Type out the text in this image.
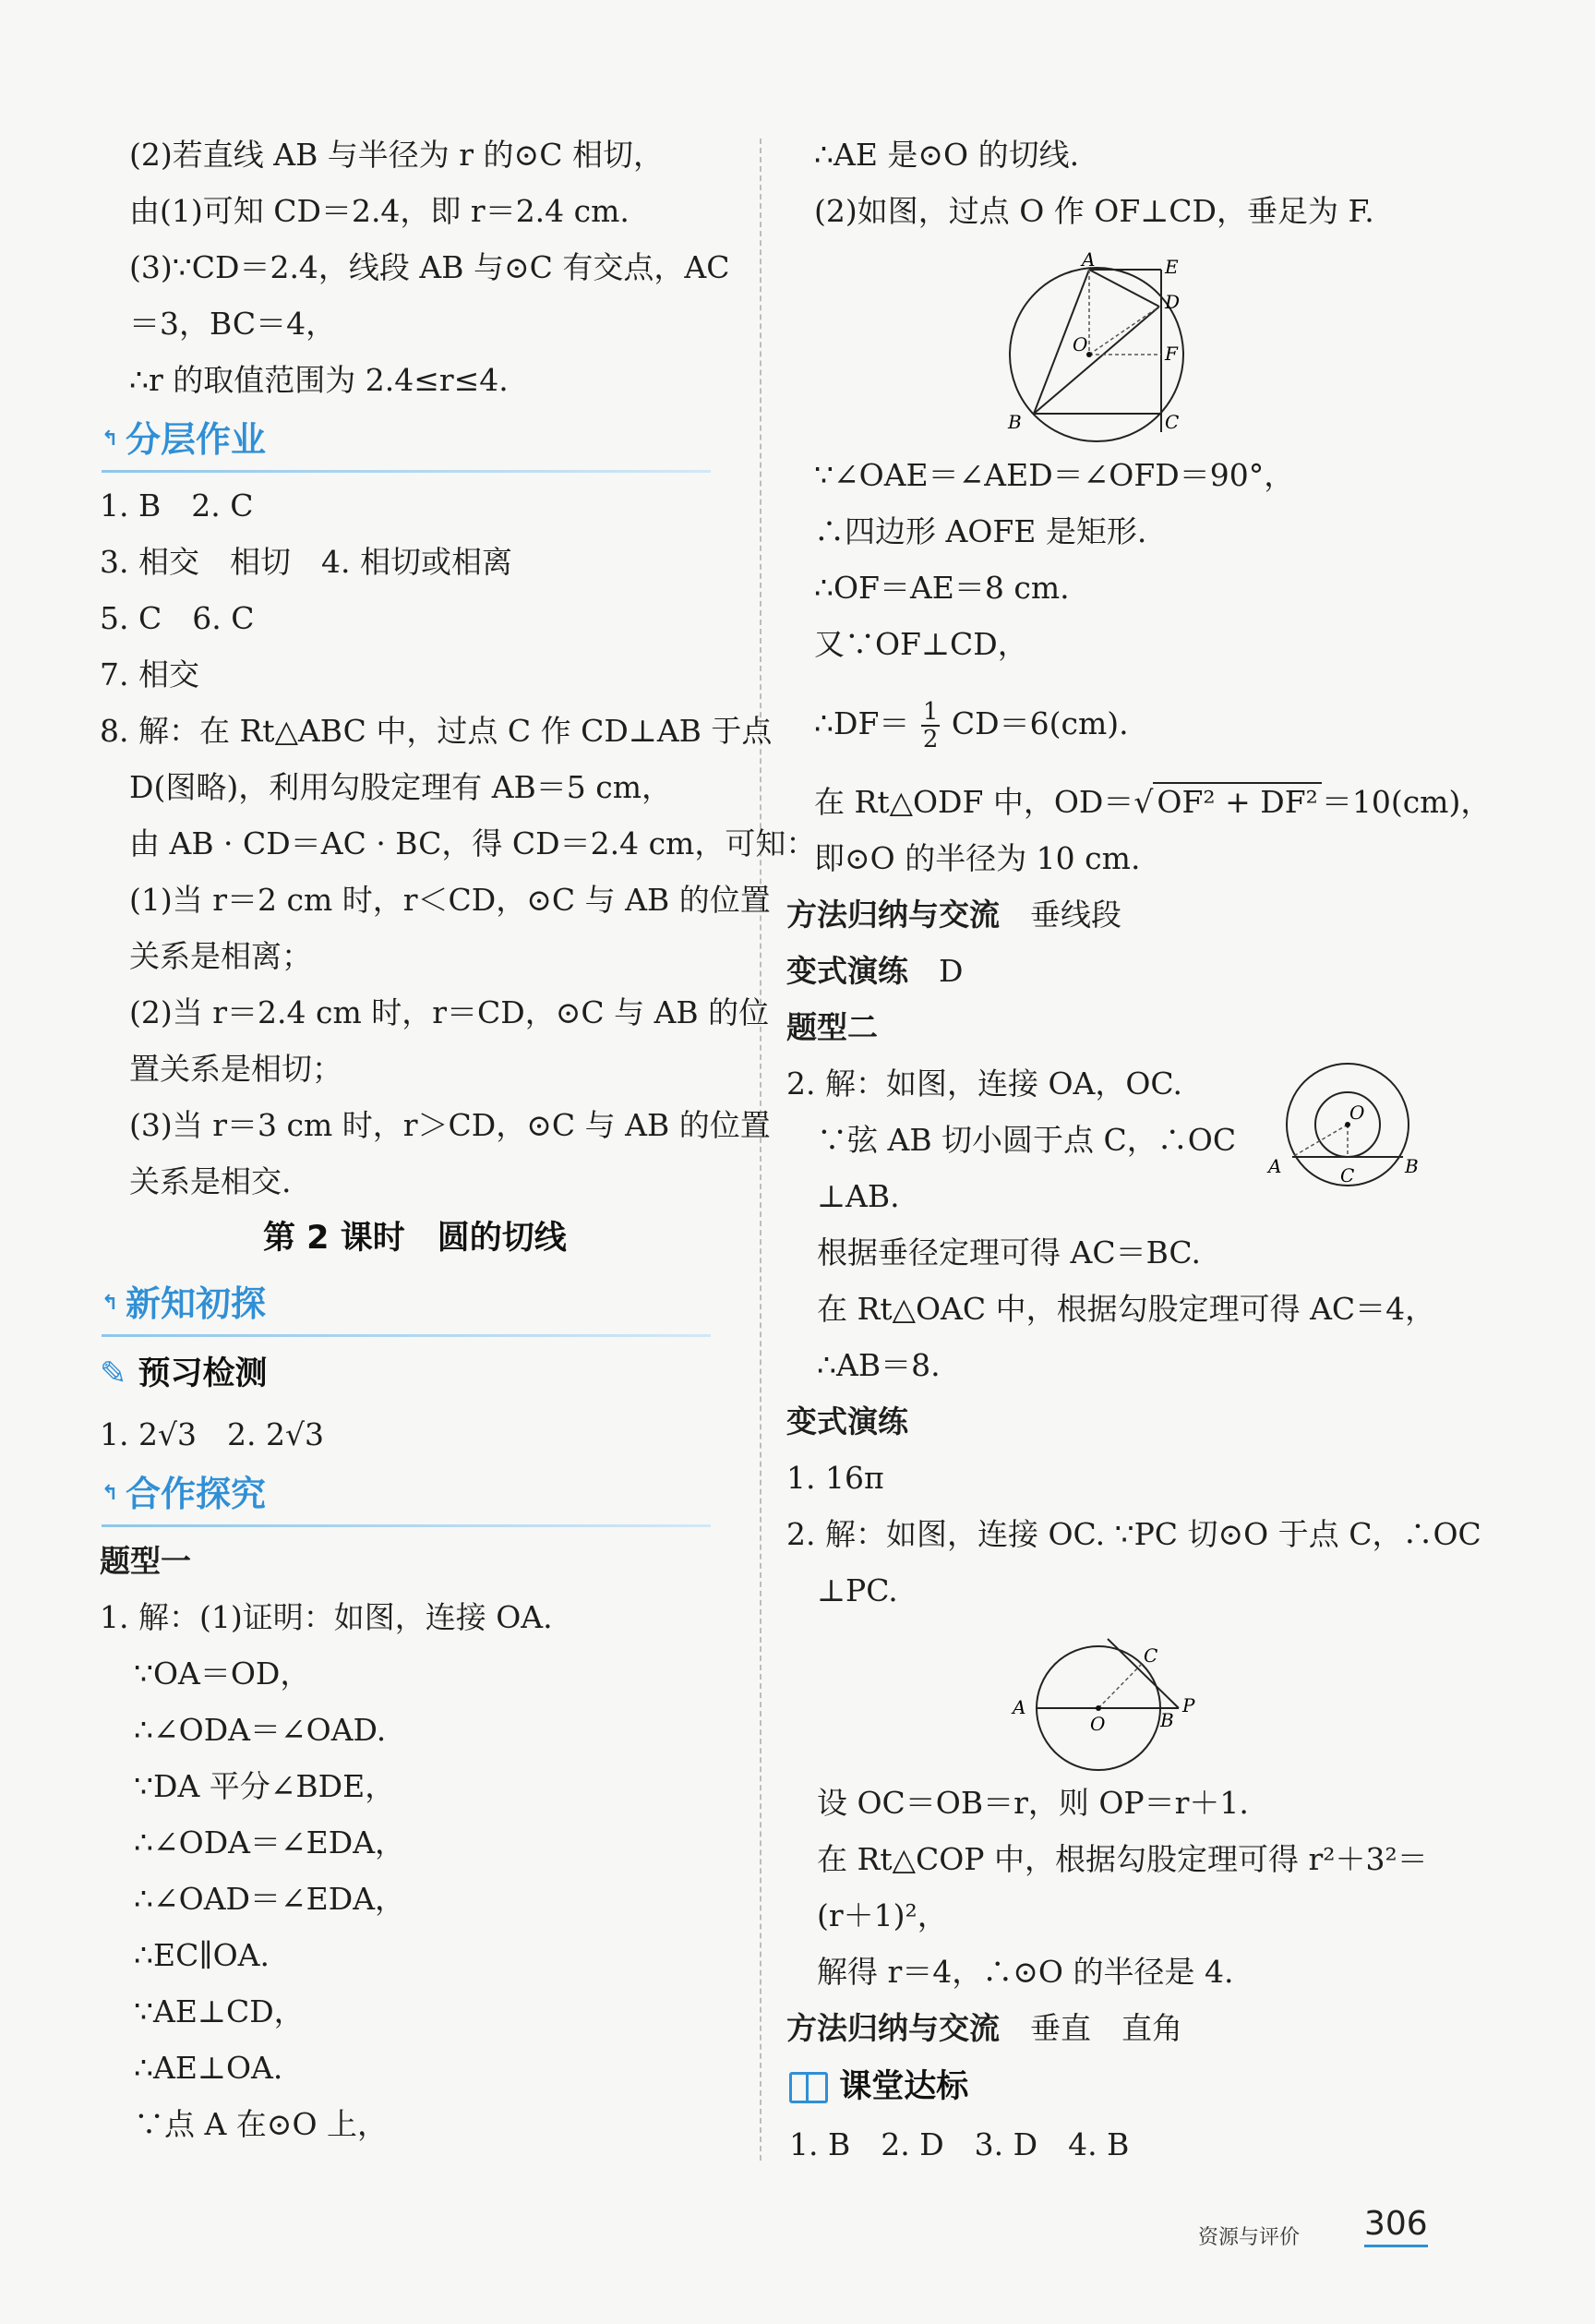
(2)若直线 AB 与半径为 r 的⊙C 相切，
由(1)可知 CD＝2.4，即 r＝2.4 cm.
(3)∵CD＝2.4，线段 AB 与⊙C 有交点，AC
＝3，BC＝4，
∴r 的取值范围为 2.4≤r≤4.
↰ 分层作业
1. B　2. C
3. 相交　相切　4. 相切或相离
5. C　6. C
7. 相交
8. 解：在 Rt△ABC 中，过点 C 作 CD⊥AB 于点
D(图略)，利用勾股定理有 AB＝5 cm，
由 AB · CD＝AC · BC，得 CD＝2.4 cm，可知：
(1)当 r＝2 cm 时，r＜CD，⊙C 与 AB 的位置
关系是相离；
(2)当 r＝2.4 cm 时，r＝CD，⊙C 与 AB 的位
置关系是相切；
(3)当 r＝3 cm 时，r＞CD，⊙C 与 AB 的位置
关系是相交.
第 2 课时　圆的切线
↰ 新知初探
✎ 预习检测
1. 2√3　2. 2√3
↰ 合作探究
题型一
1. 解：(1)证明：如图，连接 OA.
∵OA＝OD，
∴∠ODA＝∠OAD.
∵DA 平分∠BDE，
∴∠ODA＝∠EDA，
∴∠OAD＝∠EDA，
∴EC∥OA.
∵AE⊥CD，
∴AE⊥OA.
∵点 A 在⊙O 上，
∴AE 是⊙O 的切线.
(2)如图，过点 O 作 OF⊥CD，垂足为 F.
A	E
D
O	F
B	C
∵∠OAE＝∠AED＝∠OFD＝90°，
∴四边形 AOFE 是矩形.
∴OF＝AE＝8 cm.
又∵OF⊥CD，
∴DF＝ $\frac{1}{2} CD=6(cm)$.
在 Rt△ODF 中，OD＝√ OF² + DF² ＝10(cm)，
即⊙O 的半径为 10 cm.
方法归纳与交流　 垂线段
变式演练　 D
题型二
2. 解：如图，连接 OA，OC.
∵弦 AB 切小圆于点 C，∴OC
⊥AB.
O
A	B
C
根据垂径定理可得 AC＝BC.
在 Rt△OAC 中，根据勾股定理可得 AC＝4，
∴AB＝8.
变式演练
1. 16π
2. 解：如图，连接 OC. ∵PC 切⊙O 于点 C，∴OC
⊥PC.
A
O	B
P
C
设 OC＝OB＝r，则 OP＝r＋1.
在 Rt△COP 中，根据勾股定理可得 r²＋3²＝
(r＋1)²，
解得 r＝4，∴⊙O 的半径是 4.
方法归纳与交流　 垂直　直角
课堂达标
1. B　2. D　3. D　4. B
资源与评价 306
